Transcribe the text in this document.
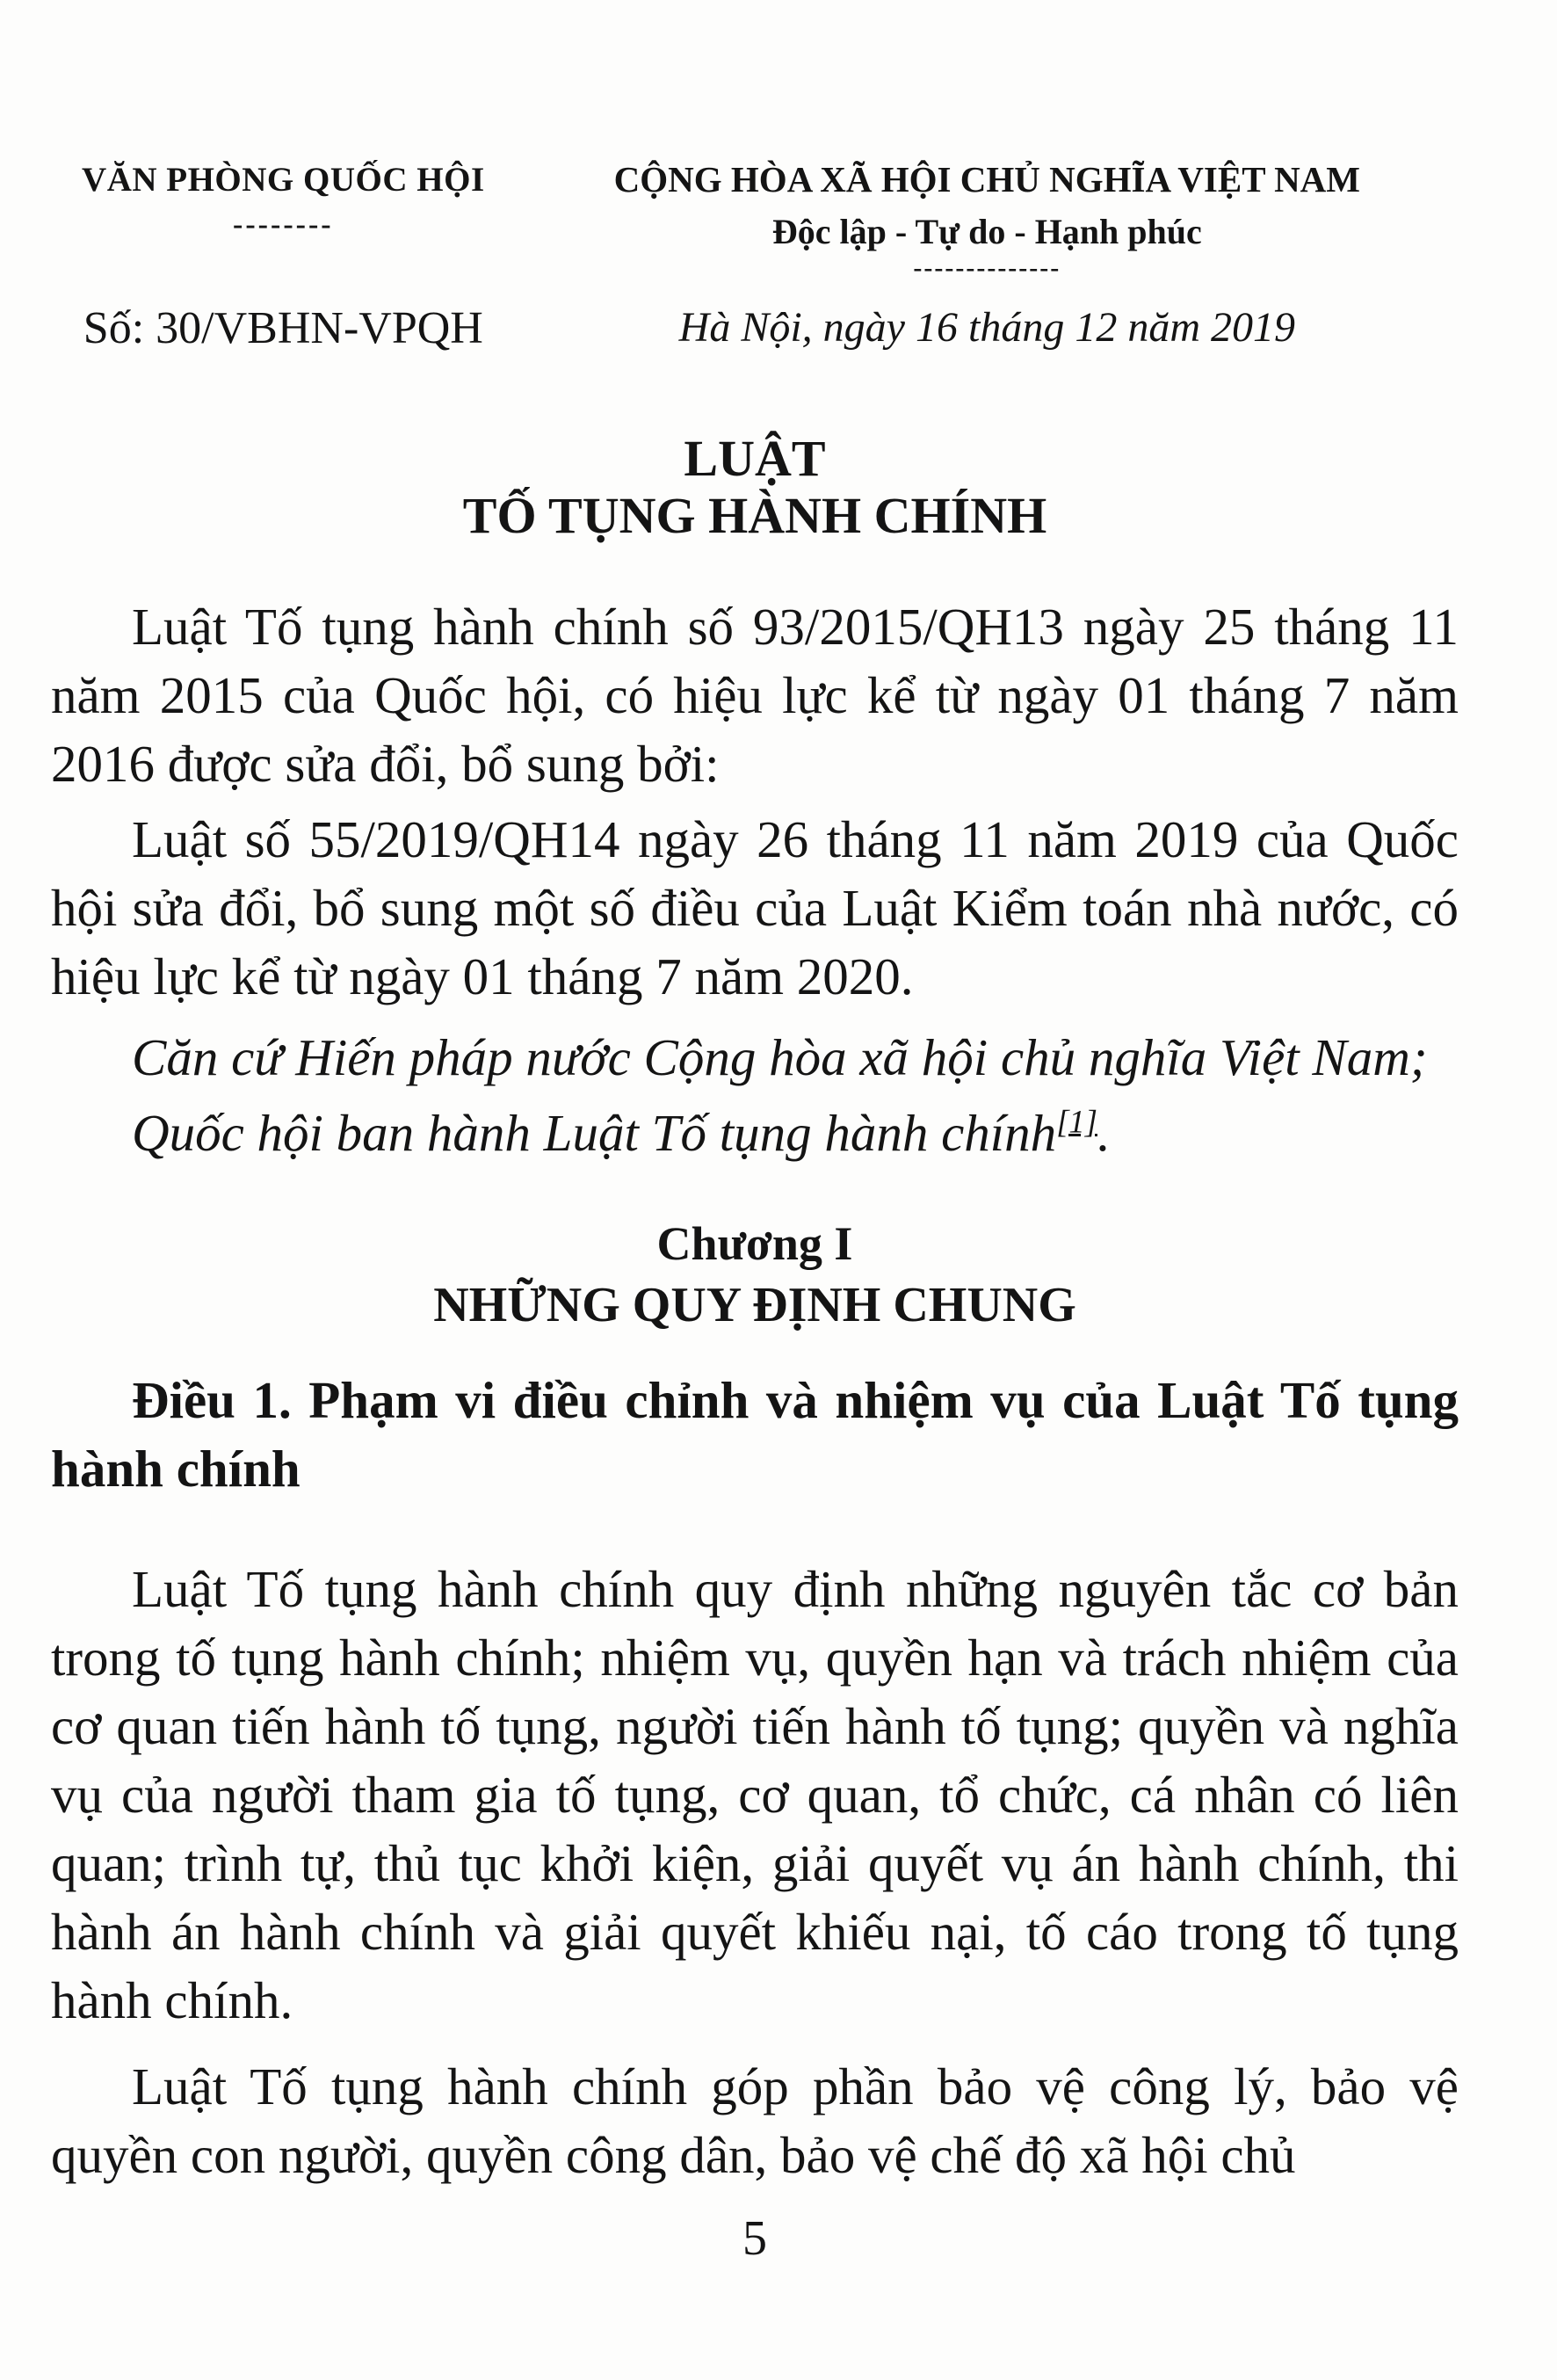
VĂN PHÒNG QUỐC HỘI
--------
Số: 30/VBHN-VPQH
CỘNG HÒA XÃ HỘI CHỦ NGHĨA VIỆT NAM
Độc lập - Tự do - Hạnh phúc
--------------
Hà Nội, ngày 16 tháng 12 năm 2019
LUẬT
TỐ TỤNG HÀNH CHÍNH

Luật Tố tụng hành chính số 93/2015/QH13 ngày 25 tháng 11 năm 2015 của Quốc hội, có hiệu lực kể từ ngày 01 tháng 7 năm 2016 được sửa đổi, bổ sung bởi:

Luật số 55/2019/QH14 ngày 26 tháng 11 năm 2019 của Quốc hội sửa đổi, bổ sung một số điều của Luật Kiểm toán nhà nước, có hiệu lực kể từ ngày 01 tháng 7 năm 2020.

Căn cứ Hiến pháp nước Cộng hòa xã hội chủ nghĩa Việt Nam;

Quốc hội ban hành Luật Tố tụng hành chính[1].

Chương I
NHỮNG QUY ĐỊNH CHUNG

Điều 1. Phạm vi điều chỉnh và nhiệm vụ của Luật Tố tụng hành chính

Luật Tố tụng hành chính quy định những nguyên tắc cơ bản trong tố tụng hành chính; nhiệm vụ, quyền hạn và trách nhiệm của cơ quan tiến hành tố tụng, người tiến hành tố tụng; quyền và nghĩa vụ của người tham gia tố tụng, cơ quan, tổ chức, cá nhân có liên quan; trình tự, thủ tục khởi kiện, giải quyết vụ án hành chính, thi hành án hành chính và giải quyết khiếu nại, tố cáo trong tố tụng hành chính.

Luật Tố tụng hành chính góp phần bảo vệ công lý, bảo vệ quyền con người, quyền công dân, bảo vệ chế độ xã hội chủ

5
